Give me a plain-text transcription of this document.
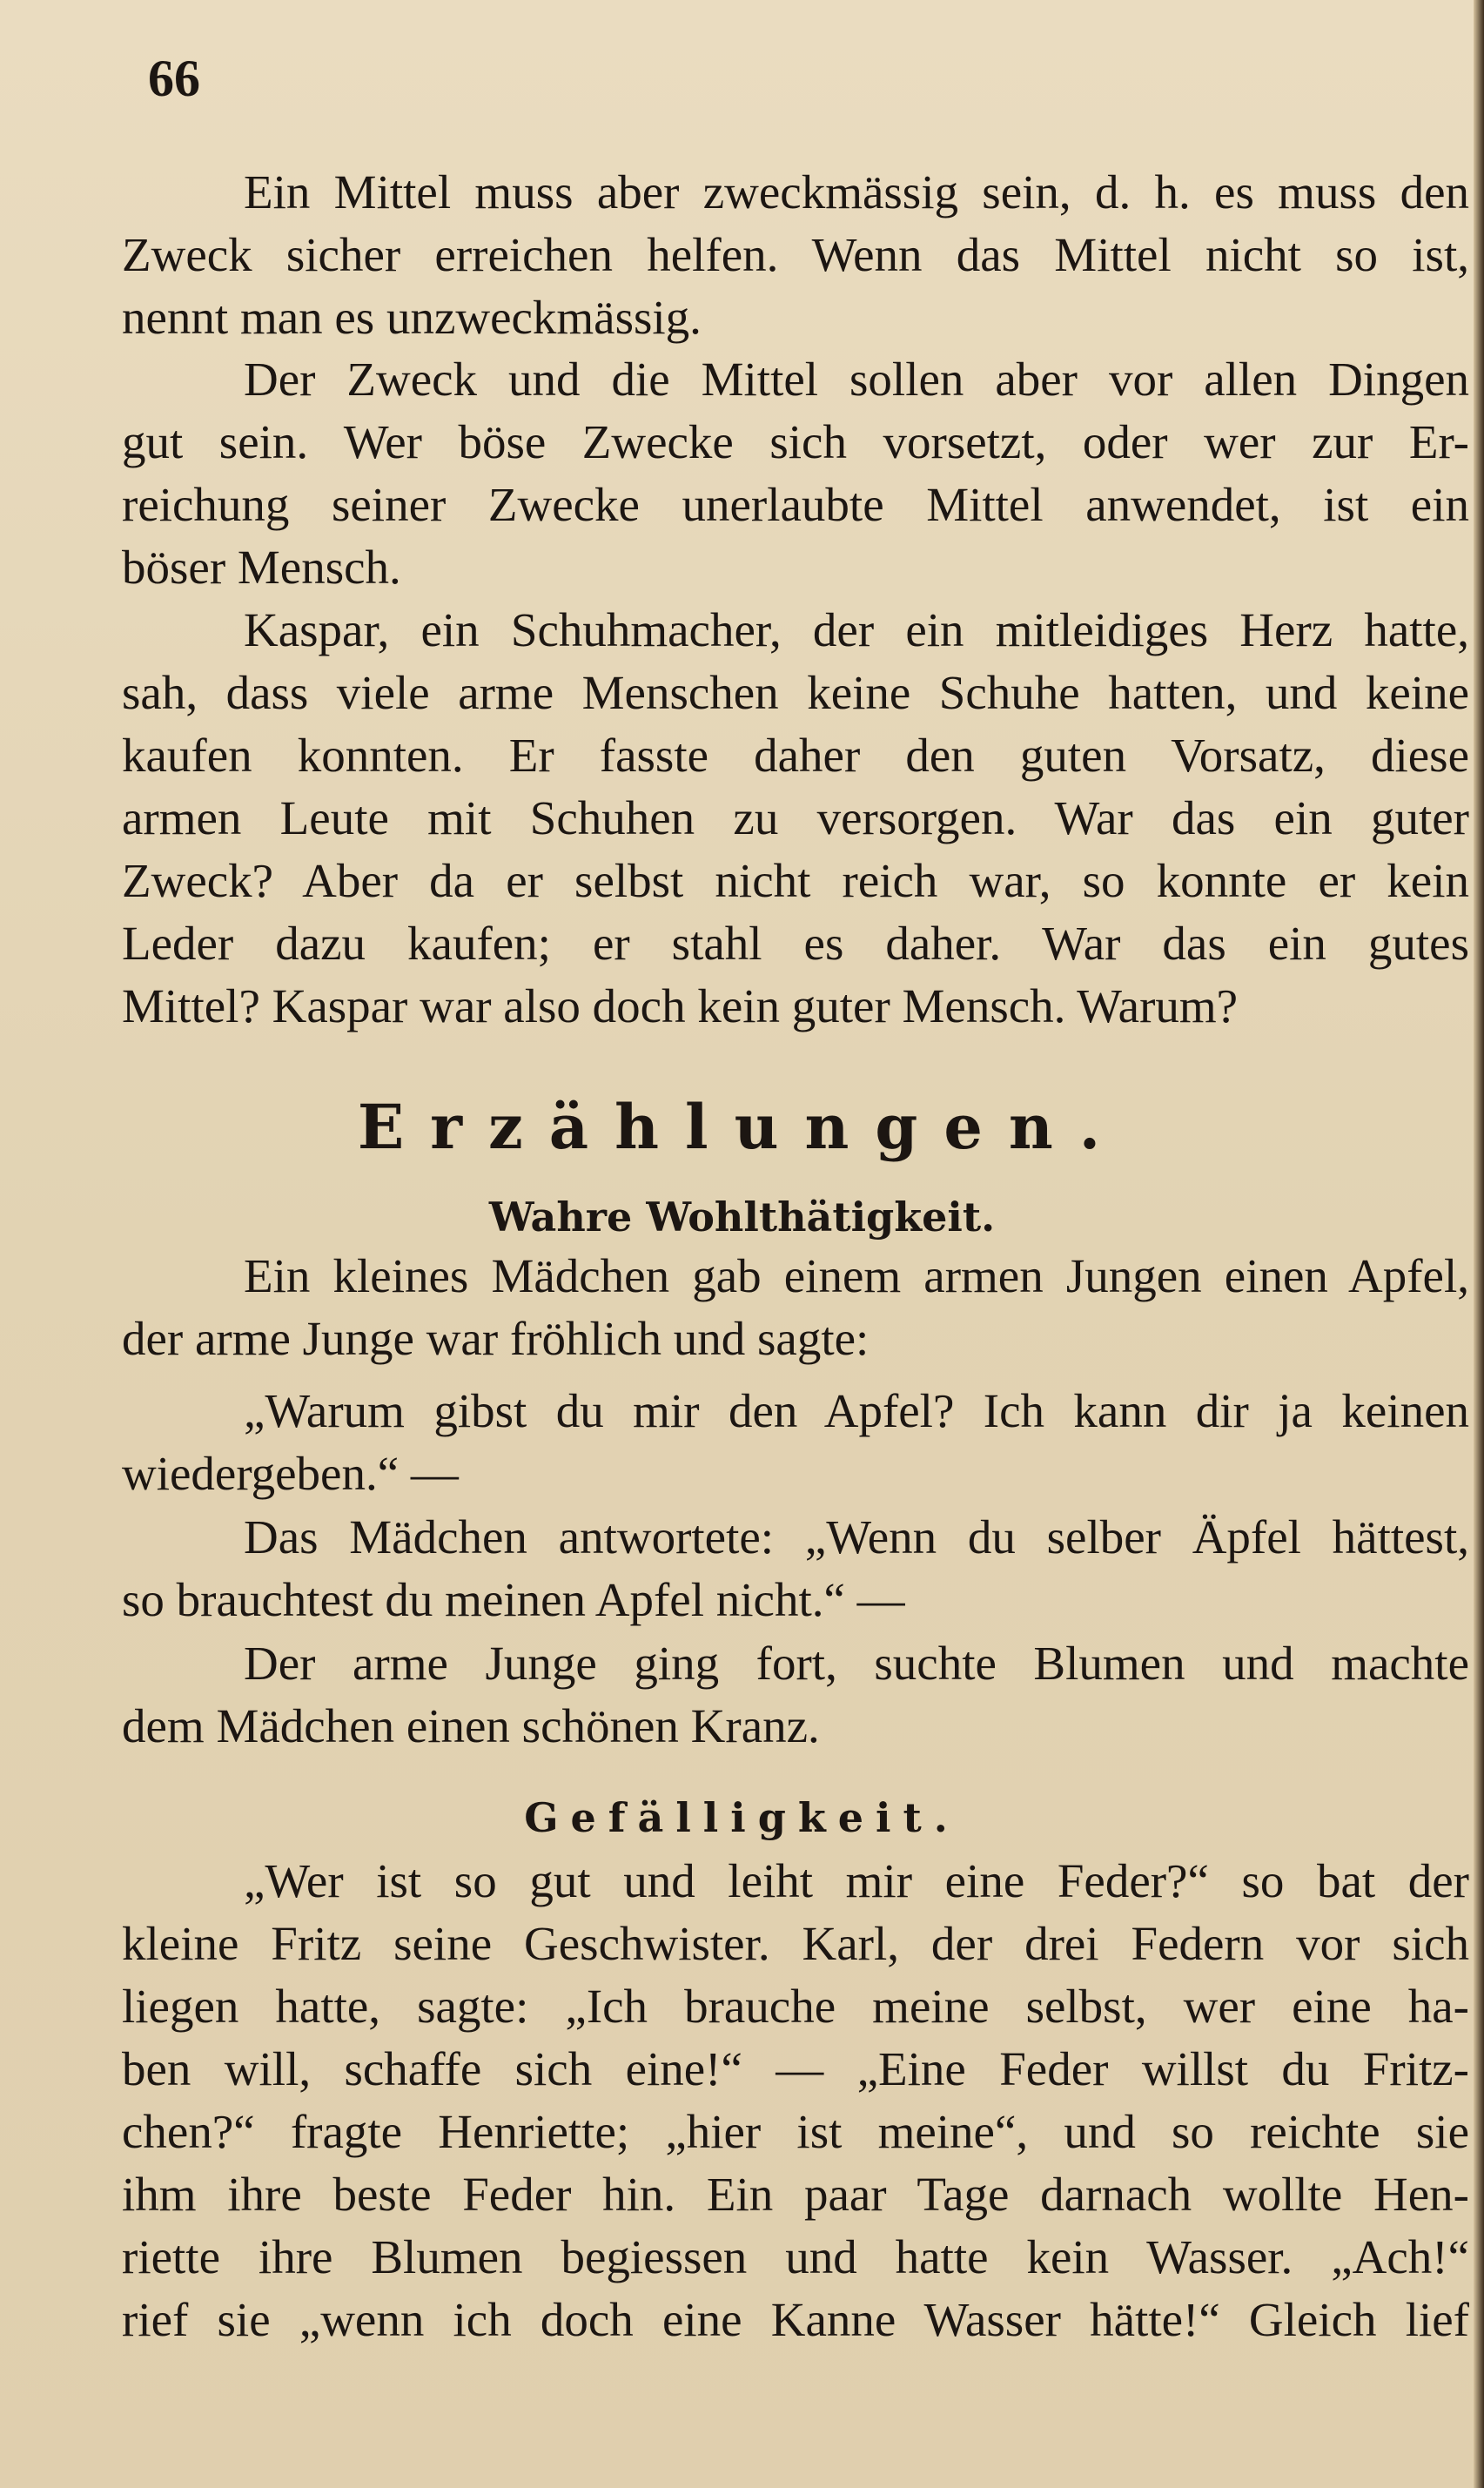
66
Ein Mittel muss aber zweckmässig sein, d. h. es muss den
Zweck sicher erreichen helfen. Wenn das Mittel nicht so ist,
nennt man es unzweckmässig.
Der Zweck und die Mittel sollen aber vor allen Dingen
gut sein. Wer böse Zwecke sich vorsetzt, oder wer zur Er-
reichung seiner Zwecke unerlaubte Mittel anwendet, ist ein
böser Mensch.
Kaspar, ein Schuhmacher, der ein mitleidiges Herz hatte,
sah, dass viele arme Menschen keine Schuhe hatten, und keine
kaufen konnten. Er fasste daher den guten Vorsatz, diese
armen Leute mit Schuhen zu versorgen. War das ein guter
Zweck? Aber da er selbst nicht reich war, so konnte er kein
Leder dazu kaufen; er stahl es daher. War das ein gutes
Mittel? Kaspar war also doch kein guter Mensch. Warum?
Erzählungen.
Wahre Wohlthätigkeit.
Ein kleines Mädchen gab einem armen Jungen einen Apfel,
der arme Junge war fröhlich und sagte:
„Warum gibst du mir den Apfel? Ich kann dir ja keinen
wiedergeben.“ —
Das Mädchen antwortete: „Wenn du selber Äpfel hättest,
so brauchtest du meinen Apfel nicht.“ —
Der arme Junge ging fort, suchte Blumen und machte
dem Mädchen einen schönen Kranz.
Gefälligkeit.
„Wer ist so gut und leiht mir eine Feder?“ so bat der
kleine Fritz seine Geschwister. Karl, der drei Federn vor sich
liegen hatte, sagte: „Ich brauche meine selbst, wer eine ha-
ben will, schaffe sich eine!“ — „Eine Feder willst du Fritz-
chen?“ fragte Henriette; „hier ist meine“, und so reichte sie
ihm ihre beste Feder hin. Ein paar Tage darnach wollte Hen-
riette ihre Blumen begiessen und hatte kein Wasser. „Ach!“
rief sie „wenn ich doch eine Kanne Wasser hätte!“ Gleich lief
